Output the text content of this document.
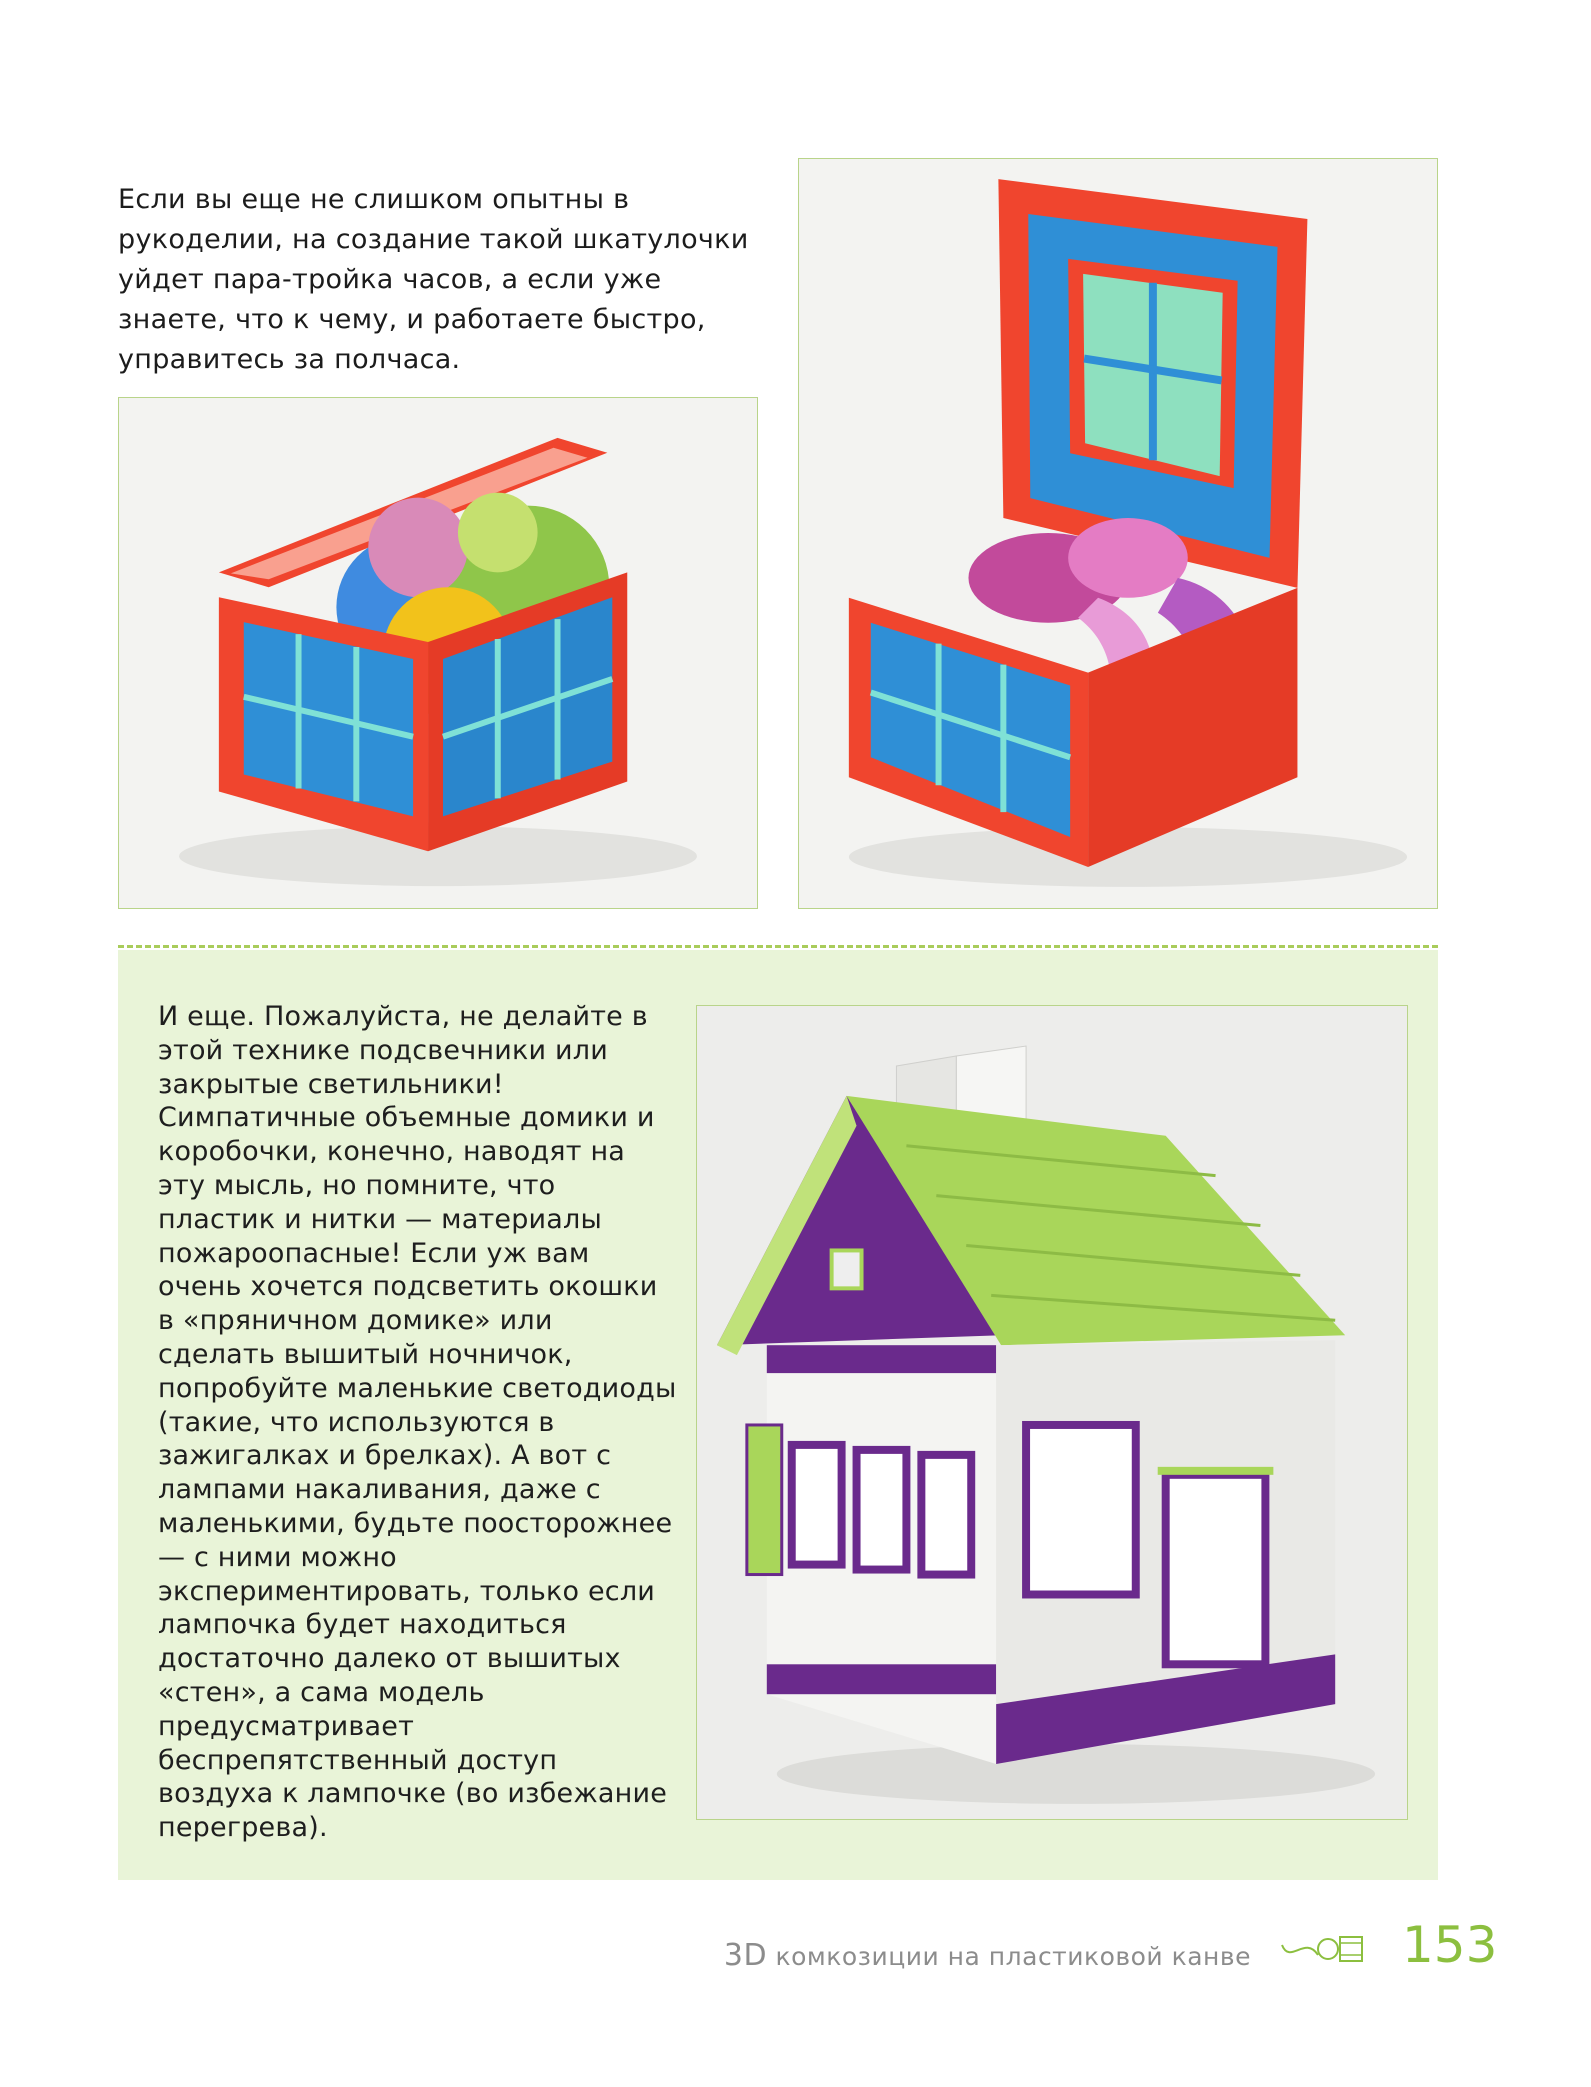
Если вы еще не слишком опытны в рукоделии, на создание такой шкатулочки уйдет пара-тройка часов, а если уже знаете, что к чему, и работаете быстро, управитесь за полчаса.

И еще. Пожалуйста, не делайте в этой технике подсвечники или закрытые светильники! Симпатичные объемные домики и коробочки, конечно, наводят на эту мысль, но помните, что пластик и нитки — материалы пожароопасные! Если уж вам очень хочется подсветить окошки в «пряничном домике» или сделать вышитый ночничок, попробуйте маленькие светодиоды (такие, что используются в зажигалках и брелках). А вот с лампами накаливания, даже с маленькими, будьте поосторожнее — с ними можно экспериментировать, только если лампочка будет находиться достаточно далеко от вышитых «стен», а сама модель предусматривает беспрепятственный доступ воздуха к лампочке (во избежание перегрева).

3D комкозиции на пластиковой канве	153
